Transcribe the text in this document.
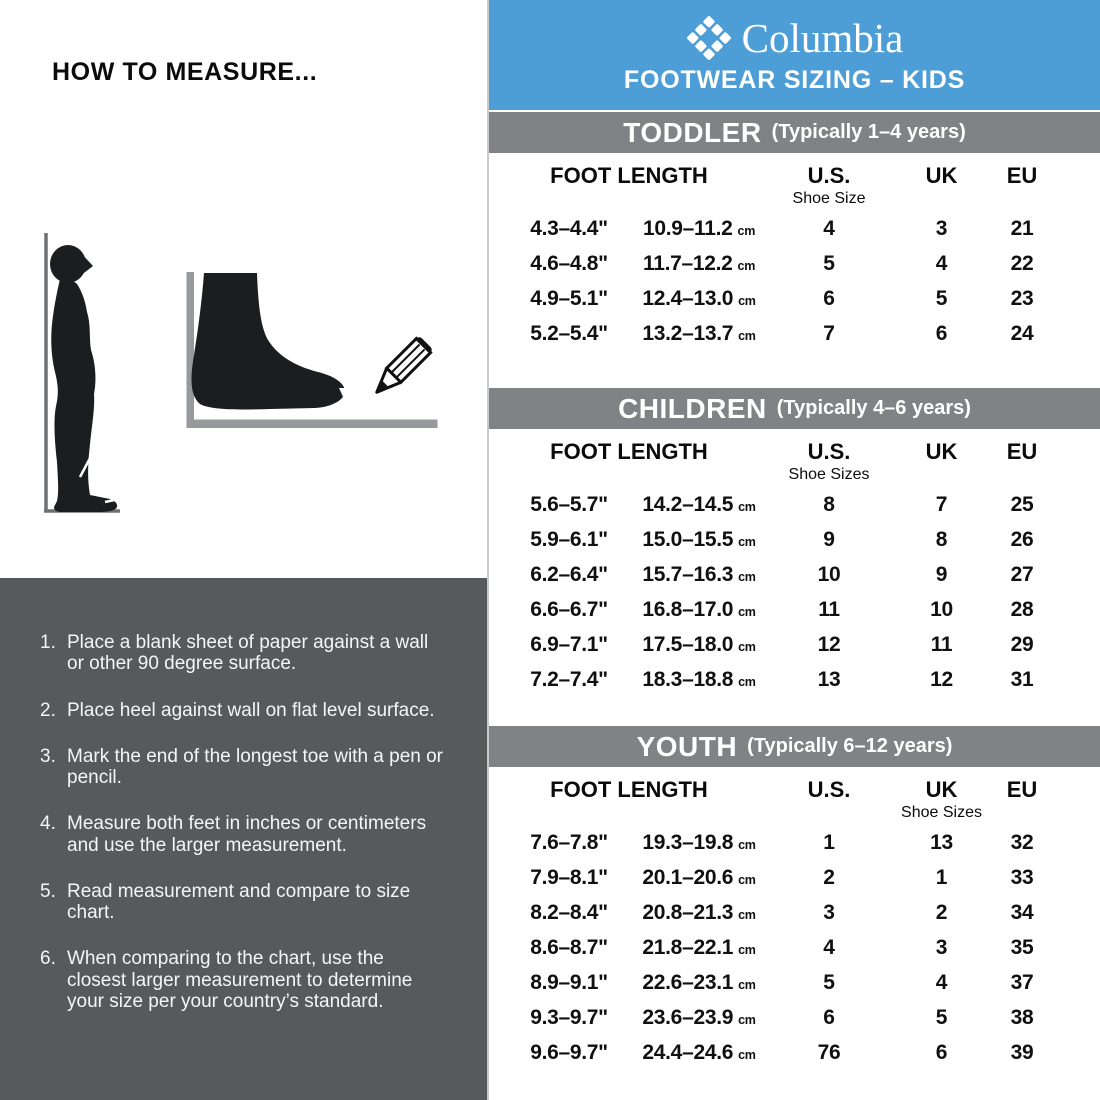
HOW TO MEASURE...
1. Place a blank sheet of paper against a wall or other 90 degree surface.
2. Place heel against wall on flat level surface.
3. Mark the end of the longest toe with a pen or pencil.
4. Measure both feet in inches or centimeters and use the larger measurement.
5. Read measurement and compare to size chart.
6. When comparing to the chart, use the closest larger measurement to determine your size per your country’s standard.
Columbia
FOOTWEAR SIZING – KIDS
TODDLER (Typically 1–4 years)
FOOT LENGTH	U.S.	UK	EU
Shoe Size
4.3–4.4"	10.9–11.2 cm	4	3	21
4.6–4.8"	11.7–12.2 cm	5	4	22
4.9–5.1"	12.4–13.0 cm	6	5	23
5.2–5.4"	13.2–13.7 cm	7	6	24
CHILDREN (Typically 4–6 years)
FOOT LENGTH	U.S.	UK	EU
Shoe Sizes
5.6–5.7"	14.2–14.5 cm	8	7	25
5.9–6.1"	15.0–15.5 cm	9	8	26
6.2–6.4"	15.7–16.3 cm	10	9	27
6.6–6.7"	16.8–17.0 cm	11	10	28
6.9–7.1"	17.5–18.0 cm	12	11	29
7.2–7.4"	18.3–18.8 cm	13	12	31
YOUTH (Typically 6–12 years)
FOOT LENGTH	U.S.	UK	EU
Shoe Sizes
7.6–7.8"	19.3–19.8 cm	1	13	32
7.9–8.1"	20.1–20.6 cm	2	1	33
8.2–8.4"	20.8–21.3 cm	3	2	34
8.6–8.7"	21.8–22.1 cm	4	3	35
8.9–9.1"	22.6–23.1 cm	5	4	37
9.3–9.7"	23.6–23.9 cm	6	5	38
9.6–9.7"	24.4–24.6 cm	76	6	39
